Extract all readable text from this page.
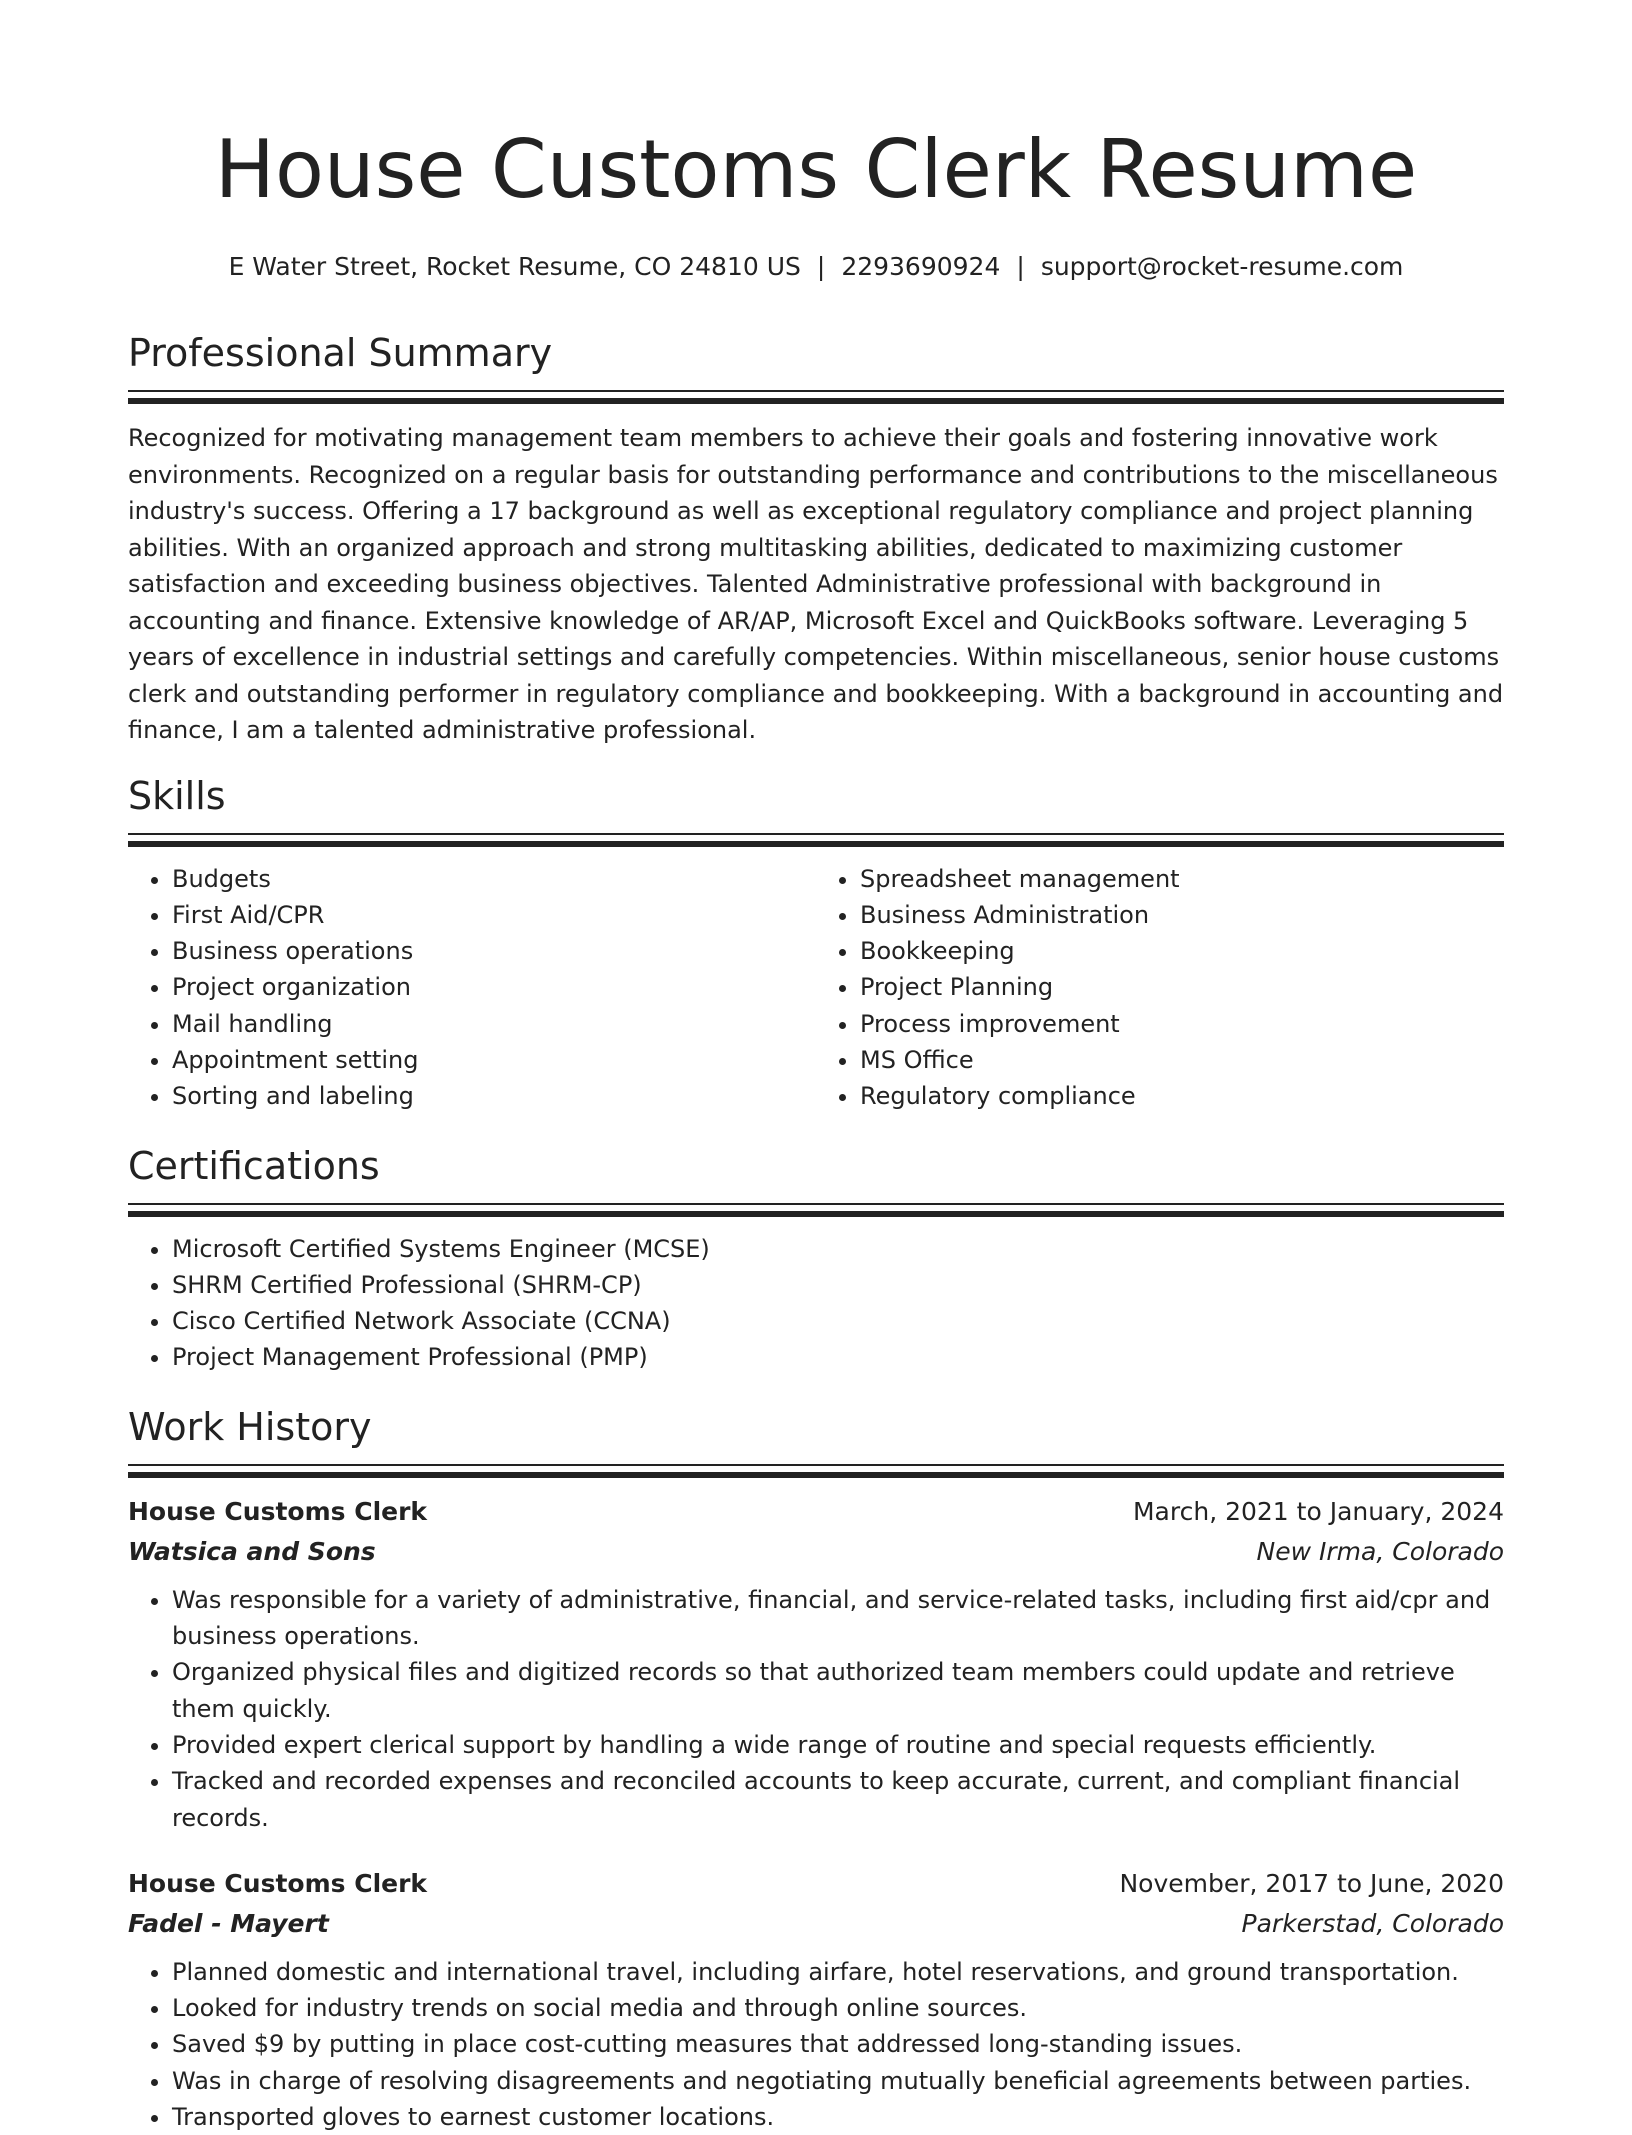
House Customs Clerk Resume
E Water Street, Rocket Resume, CO 24810 US | 2293690924 | support@rocket-resume.com
Professional Summary

Recognized for motivating management team members to achieve their goals and fostering innovative work environments. Recognized on a regular basis for outstanding performance and contributions to the miscellaneous industry's success. Offering a 17 background as well as exceptional regulatory compliance and project planning abilities. With an organized approach and strong multitasking abilities, dedicated to maximizing customer satisfaction and exceeding business objectives. Talented Administrative professional with background in accounting and finance. Extensive knowledge of AR/AP, Microsoft Excel and QuickBooks software. Leveraging 5 years of excellence in industrial settings and carefully competencies. Within miscellaneous, senior house customs clerk and outstanding performer in regulatory compliance and bookkeeping. With a background in accounting and finance, I am a talented administrative professional.

Skills
• Budgets
• First Aid/CPR
• Business operations
• Project organization
• Mail handling
• Appointment setting
• Sorting and labeling
• Spreadsheet management
• Business Administration
• Bookkeeping
• Project Planning
• Process improvement
• MS Office
• Regulatory compliance
Certifications
• Microsoft Certified Systems Engineer (MCSE)
• SHRM Certified Professional (SHRM-CP)
• Cisco Certified Network Associate (CCNA)
• Project Management Professional (PMP)
Work History
House Customs Clerk	March, 2021 to January, 2024
Watsica and Sons	New Irma, Colorado
• Was responsible for a variety of administrative, financial, and service-related tasks, including first aid/cpr and business operations.
• Organized physical files and digitized records so that authorized team members could update and retrieve them quickly.
• Provided expert clerical support by handling a wide range of routine and special requests efficiently.
• Tracked and recorded expenses and reconciled accounts to keep accurate, current, and compliant financial records.
House Customs Clerk	November, 2017 to June, 2020
Fadel - Mayert	Parkerstad, Colorado
• Planned domestic and international travel, including airfare, hotel reservations, and ground transportation.
• Looked for industry trends on social media and through online sources.
• Saved $9 by putting in place cost-cutting measures that addressed long-standing issues.
• Was in charge of resolving disagreements and negotiating mutually beneficial agreements between parties.
• Transported gloves to earnest customer locations.
